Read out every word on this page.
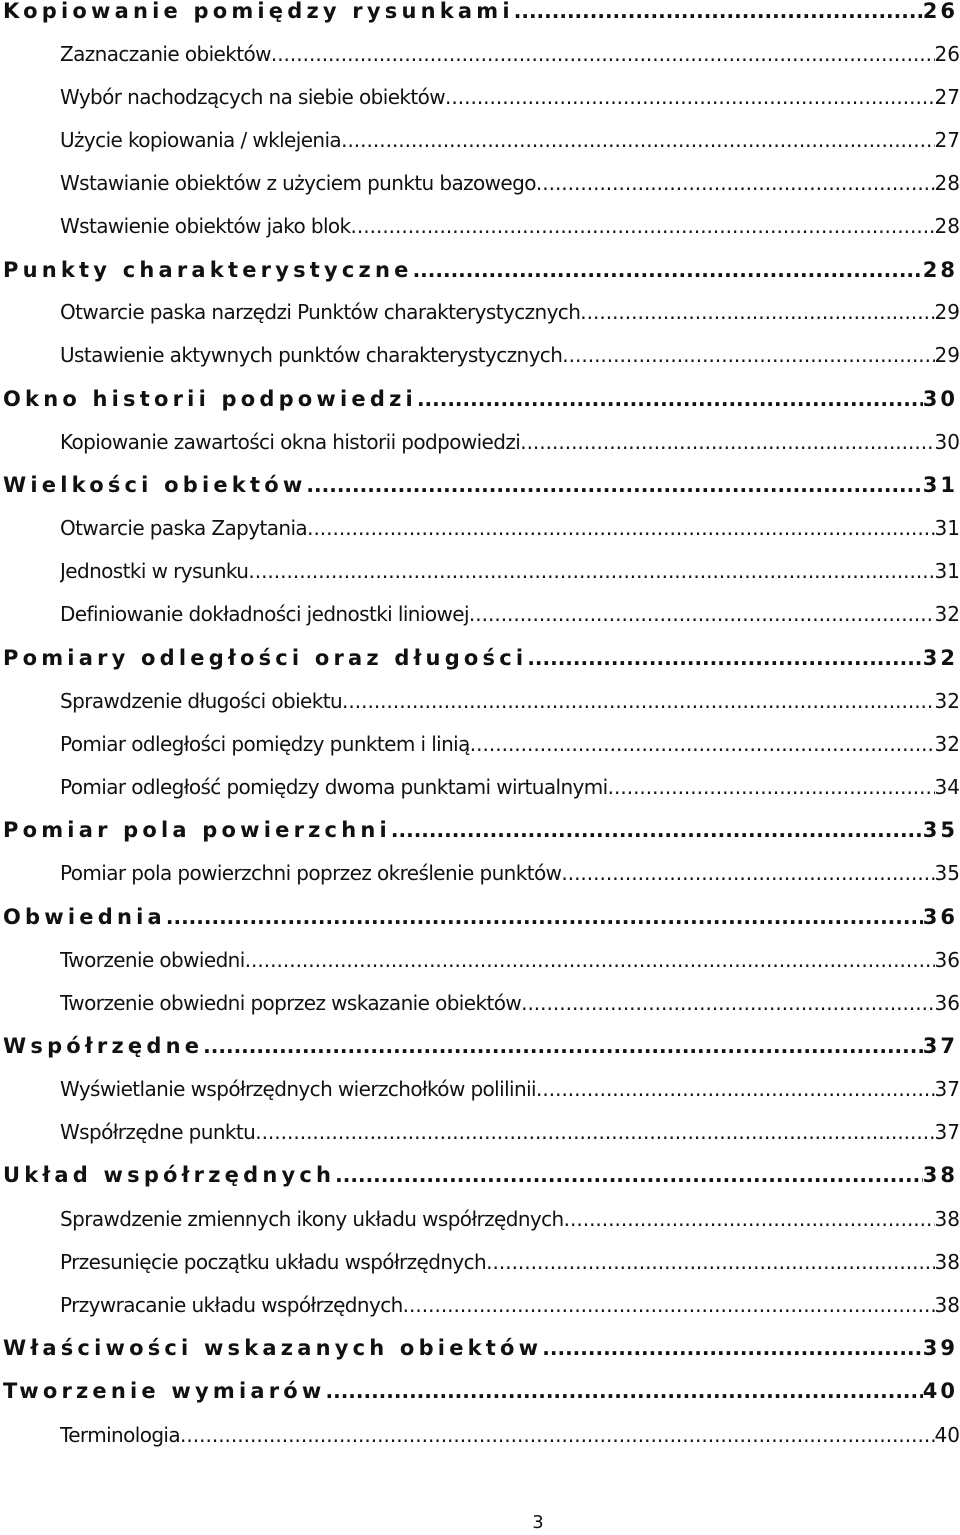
Kopiowanie pomiędzy rysunkami .....	26
Zaznaczanie obiektów .....	26
Wybór nachodzących na siebie obiektów .....	27
Użycie kopiowania / wklejenia .....	27
Wstawianie obiektów z użyciem punktu bazowego .....	28
Wstawienie obiektów jako blok .....	28
Punkty charakterystyczne .....	28
Otwarcie paska narzędzi Punktów charakterystycznych .....	29
Ustawienie aktywnych punktów charakterystycznych .....	29
Okno historii podpowiedzi .....	30
Kopiowanie zawartości okna historii podpowiedzi .....	30
Wielkości obiektów .....	31
Otwarcie paska Zapytania .....	31
Jednostki w rysunku .....	31
Definiowanie dokładności jednostki liniowej .....	32
Pomiary odległości oraz długości .....	32
Sprawdzenie długości obiektu .....	32
Pomiar odległości pomiędzy punktem i linią .....	32
Pomiar odległość pomiędzy dwoma punktami wirtualnymi .....	34
Pomiar pola powierzchni .....	35
Pomiar pola powierzchni poprzez określenie punktów .....	35
Obwiednia .....	36
Tworzenie obwiedni .....	36
Tworzenie obwiedni poprzez wskazanie obiektów .....	36
Współrzędne .....	37
Wyświetlanie współrzędnych wierzchołków polilinii .....	37
Współrzędne punktu .....	37
Układ współrzędnych .....	38
Sprawdzenie zmiennych ikony układu współrzędnych .....	38
Przesunięcie początku układu współrzędnych .....	38
Przywracanie układu współrzędnych .....	38
Właściwości wskazanych obiektów .....	39
Tworzenie wymiarów .....	40
Terminologia .....	40
3
